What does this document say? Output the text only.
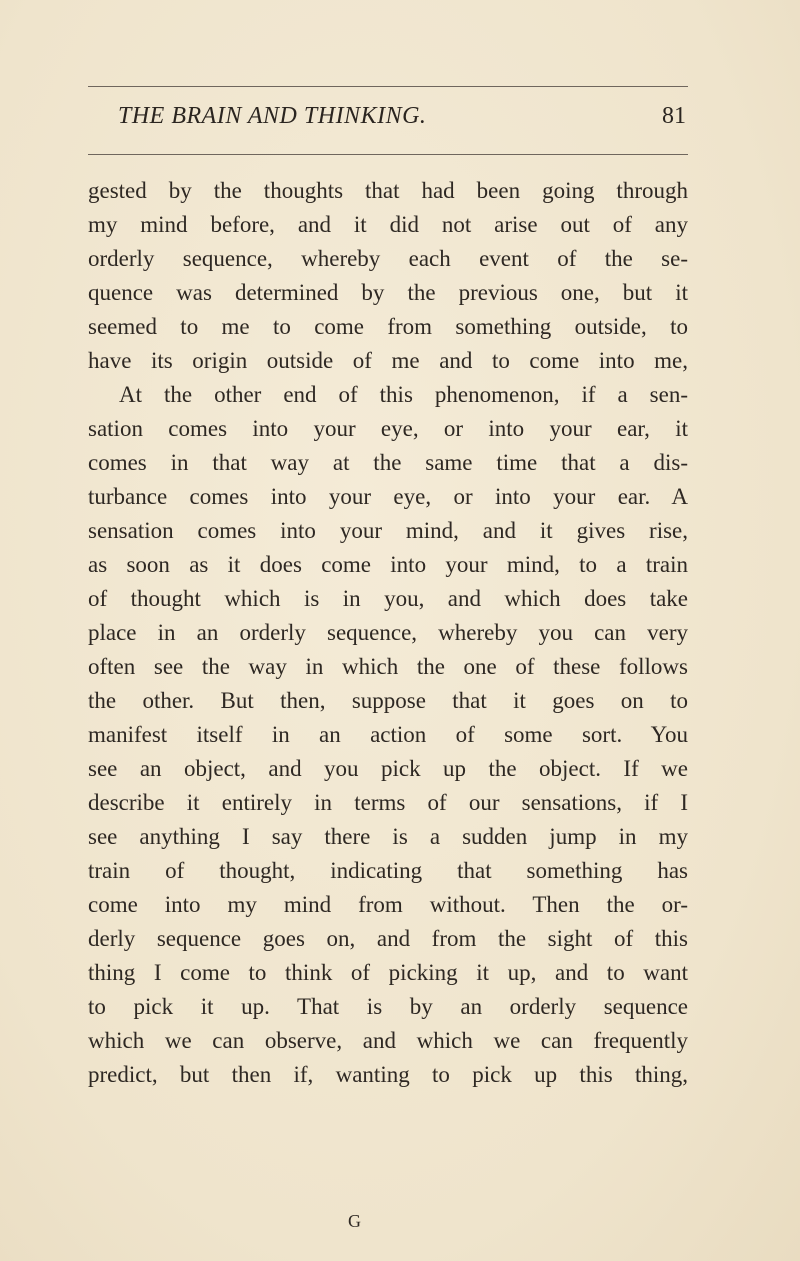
THE BRAIN AND THINKING.	81
gested by the thoughts that had been going through
my mind before, and it did not arise out of any
orderly sequence, whereby each event of the se-
quence was determined by the previous one, but it
seemed to me to come from something outside, to
have its origin outside of me and to come into me,
At the other end of this phenomenon, if a sen-
sation comes into your eye, or into your ear, it
comes in that way at the same time that a dis-
turbance comes into your eye, or into your ear. A
sensation comes into your mind, and it gives rise,
as soon as it does come into your mind, to a train
of thought which is in you, and which does take
place in an orderly sequence, whereby you can very
often see the way in which the one of these follows
the other. But then, suppose that it goes on to
manifest itself in an action of some sort. You
see an object, and you pick up the object. If we
describe it entirely in terms of our sensations, if I
see anything I say there is a sudden jump in my
train of thought, indicating that something has
come into my mind from without. Then the or-
derly sequence goes on, and from the sight of this
thing I come to think of picking it up, and to want
to pick it up. That is by an orderly sequence
which we can observe, and which we can frequently
predict, but then if, wanting to pick up this thing,
G
